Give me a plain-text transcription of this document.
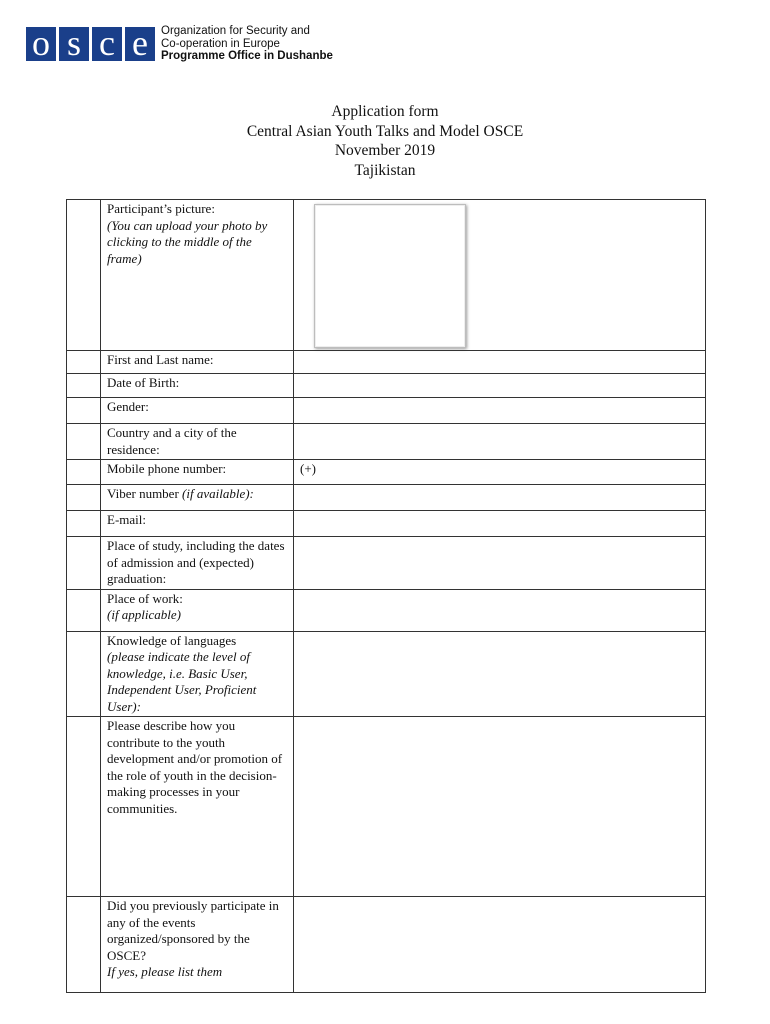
o s c e	Organization for Security and
Co-operation in Europe
Programme Office in Dushanbe
Application form
Central Asian Youth Talks and Model OSCE
November 2019
Tajikistan

	Participant’s picture:
(You can upload your photo by clicking to the middle of the frame)	

	First and Last name:	
	Date of Birth:	
	Gender:	
	Country and a city of the residence:	
	Mobile phone number:	(+)
	Viber number (if available):	
	E-mail:	
	Place of study, including the dates of admission and (expected) graduation:	

	Place of work:
(if applicable)	

	Knowledge of languages
(please indicate the level of knowledge, i.e. Basic User, Independent User, Proficient User):	
	Please describe how you contribute to the youth development and/or promotion of the role of youth in the decision-making processes in your communities.	

	Did you previously participate in any of the events organized/sponsored by the OSCE?
If yes, please list them	
